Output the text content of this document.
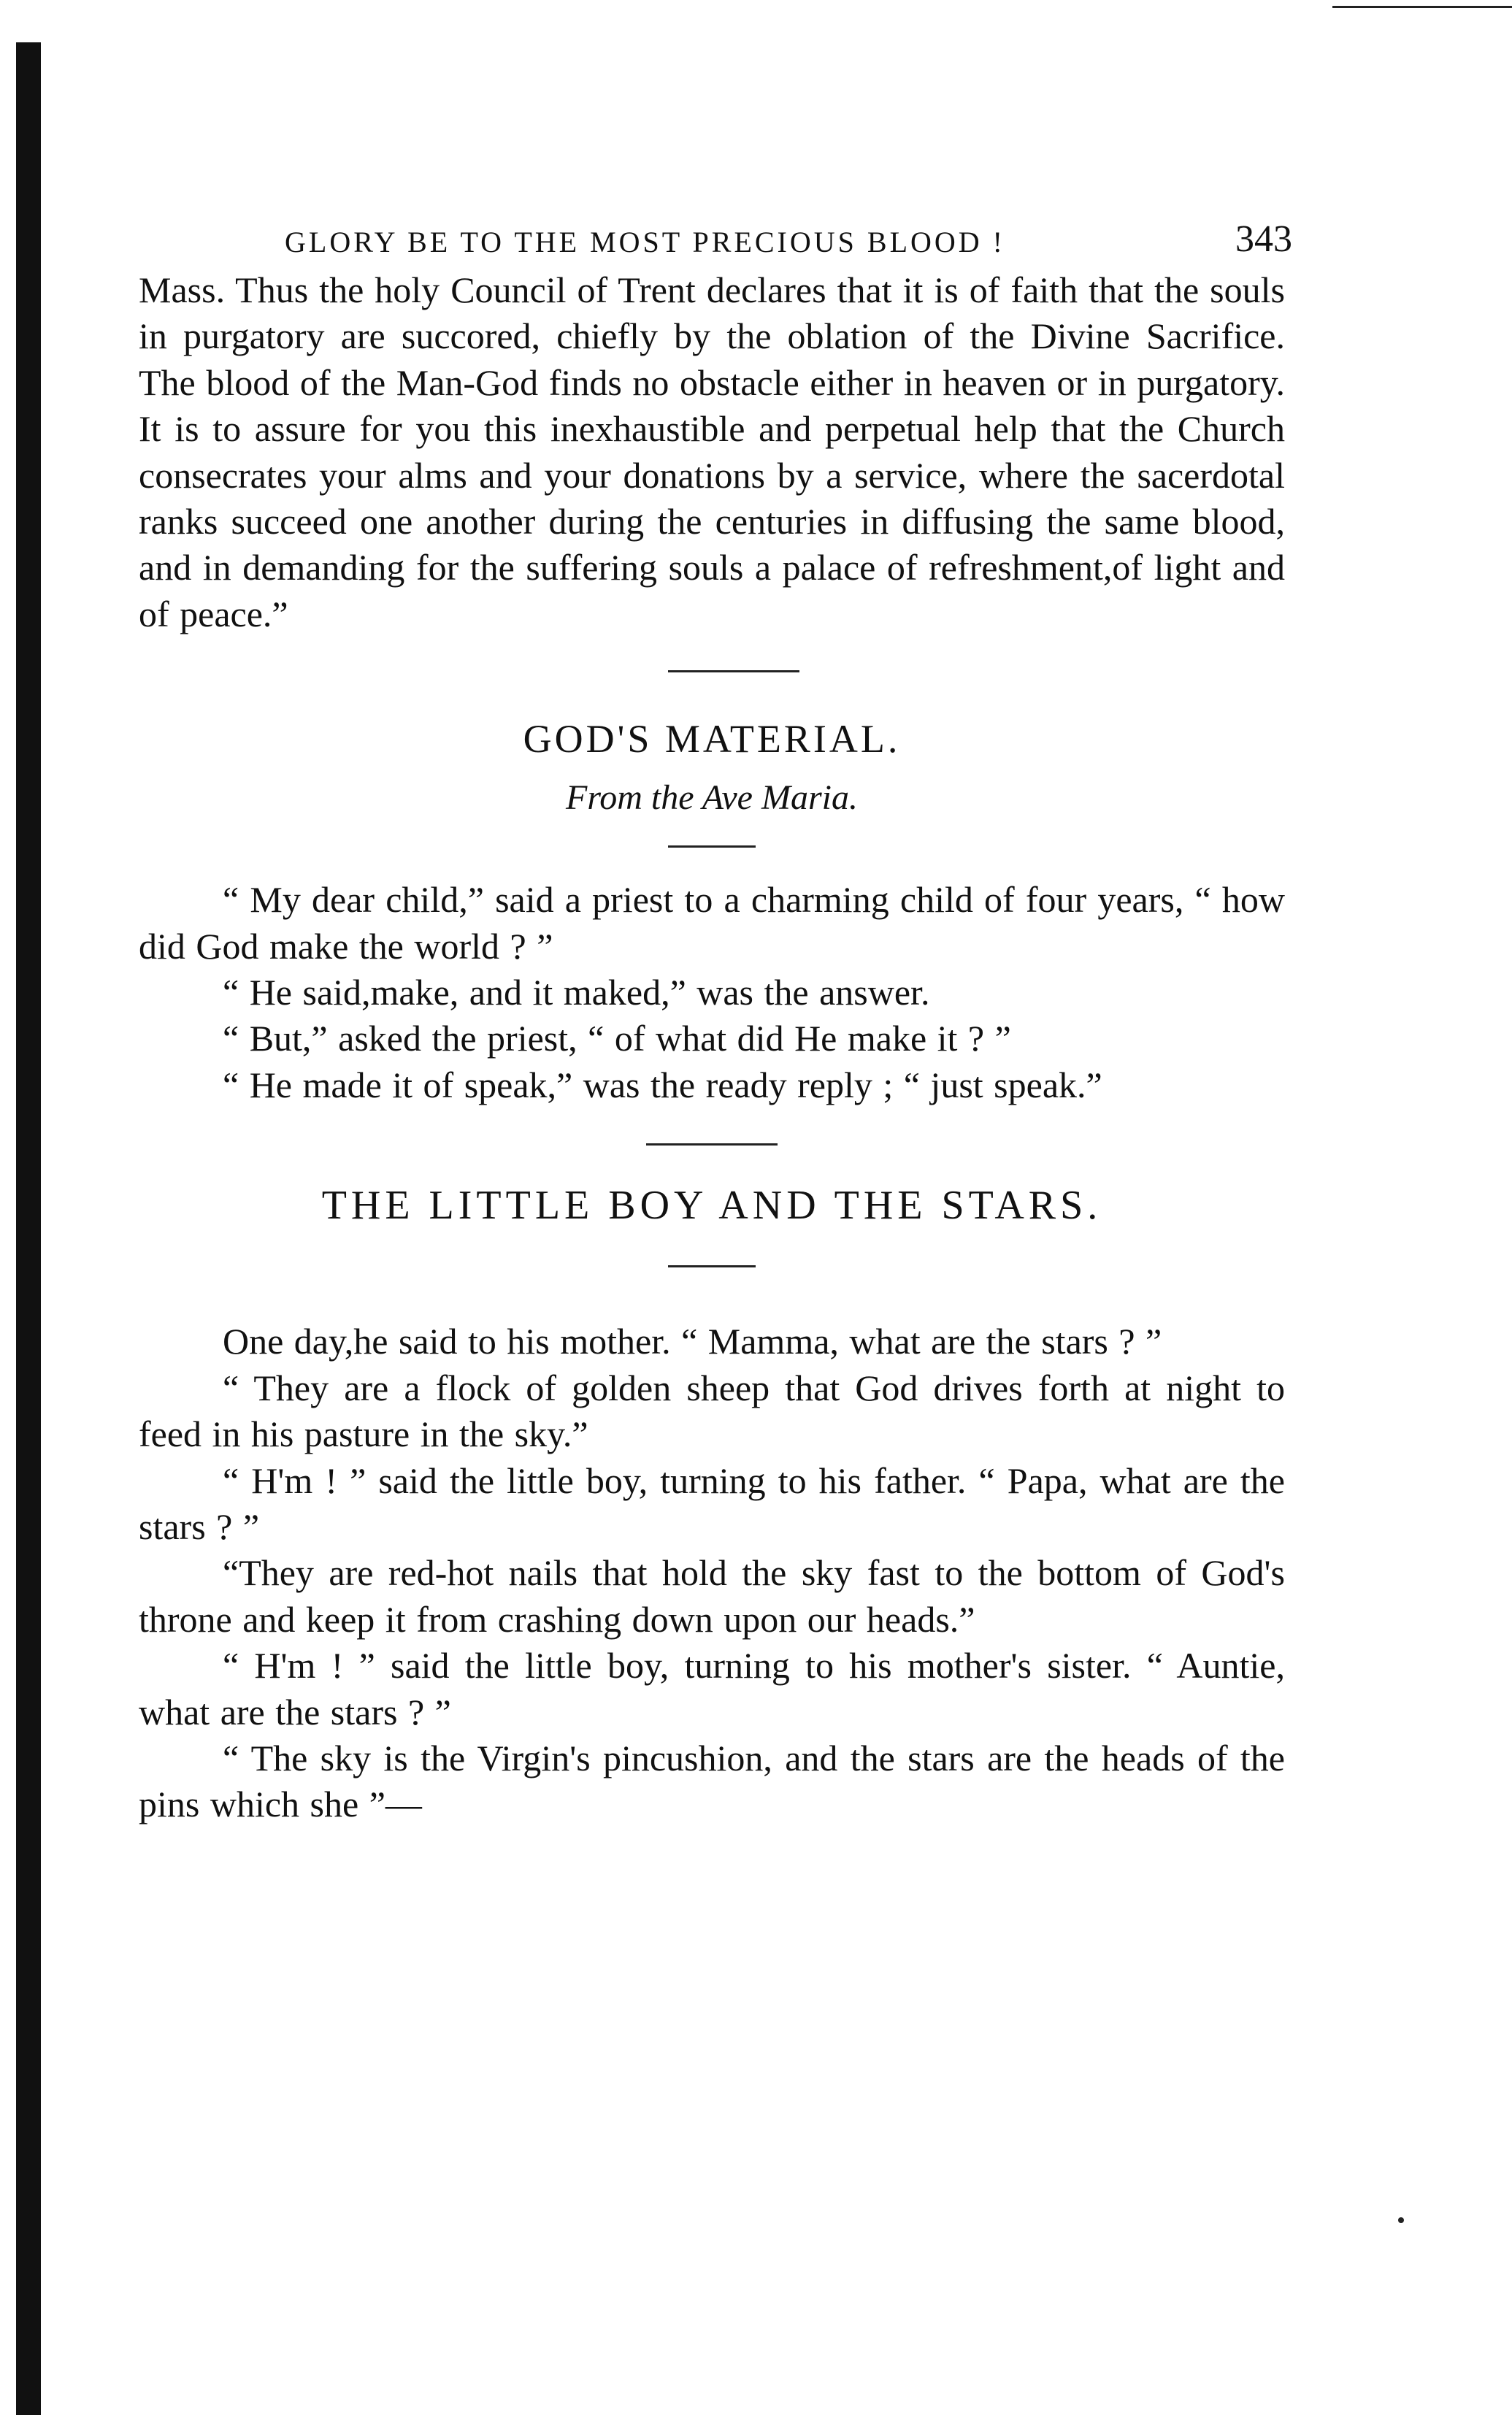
GLORY BE TO THE MOST PRECIOUS BLOOD !	343

Mass. Thus the holy Council of Trent declares that it is of faith that the souls in purgatory are succored, chiefly by the oblation of the Divine Sacrifice. The blood of the Man-God finds no obstacle either in heaven or in purgatory. It is to assure for you this inexhaustible and perpetual help that the Church consecrates your alms and your donations by a service, where the sacerdotal ranks succeed one another during the centuries in diffusing the same blood, and in demanding for the suffering souls a palace of refreshment,of light and of peace.”

GOD'S MATERIAL.
From the Ave Maria.

“ My dear child,” said a priest to a charming child of four years, “ how did God make the world ? ”

“ He said,make, and it maked,” was the answer.

“ But,” asked the priest, “ of what did He make it ? ”

“ He made it of speak,” was the ready reply ; “ just speak.”

THE LITTLE BOY AND THE STARS.

One day,he said to his mother. “ Mamma, what are the stars ? ”

“ They are a flock of golden sheep that God drives forth at night to feed in his pasture in the sky.”

“ H'm ! ” said the little boy, turning to his father. “ Papa, what are the stars ? ”

“They are red-hot nails that hold the sky fast to the bottom of God's throne and keep it from crashing down upon our heads.”

“ H'm ! ” said the little boy, turning to his mother's sister. “ Auntie, what are the stars ? ”

“ The sky is the Virgin's pincushion, and the stars are the heads of the pins which she ”—
